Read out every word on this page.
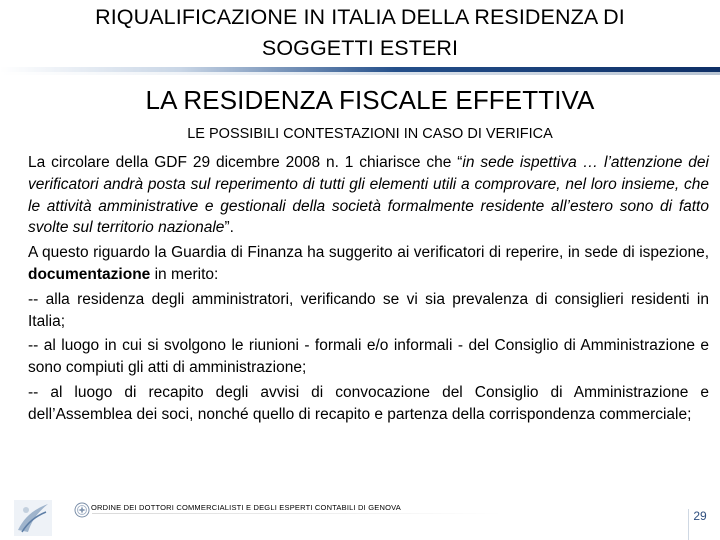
RIQUALIFICAZIONE IN ITALIA DELLA RESIDENZA DI
SOGGETTI ESTERI
LA RESIDENZA FISCALE EFFETTIVA
LE POSSIBILI CONTESTAZIONI IN CASO DI VERIFICA

La circolare della GDF 29 dicembre 2008 n. 1 chiarisce che “in sede ispettiva … l’attenzione dei verificatori andrà posta sul reperimento di tutti gli elementi utili a comprovare, nel loro insieme, che le attività amministrative e gestionali della società formalmente residente all’estero sono di fatto svolte sul territorio nazionale”.

A questo riguardo la Guardia di Finanza ha suggerito ai verificatori di reperire, in sede di ispezione, documentazione in merito:

-- alla residenza degli amministratori, verificando se vi sia prevalenza di consiglieri residenti in Italia;

-- al luogo in cui si svolgono le riunioni - formali e/o informali - del Consiglio di Amministrazione e sono compiuti gli atti di amministrazione;

-- al luogo di recapito degli avvisi di convocazione del Consiglio di Amministrazione e dell’Assemblea dei soci, nonché quello di recapito e partenza della corrispondenza commerciale;

ORDINE DEI DOTTORI COMMERCIALISTI E DEGLI ESPERTI CONTABILI DI GENOVA
29
